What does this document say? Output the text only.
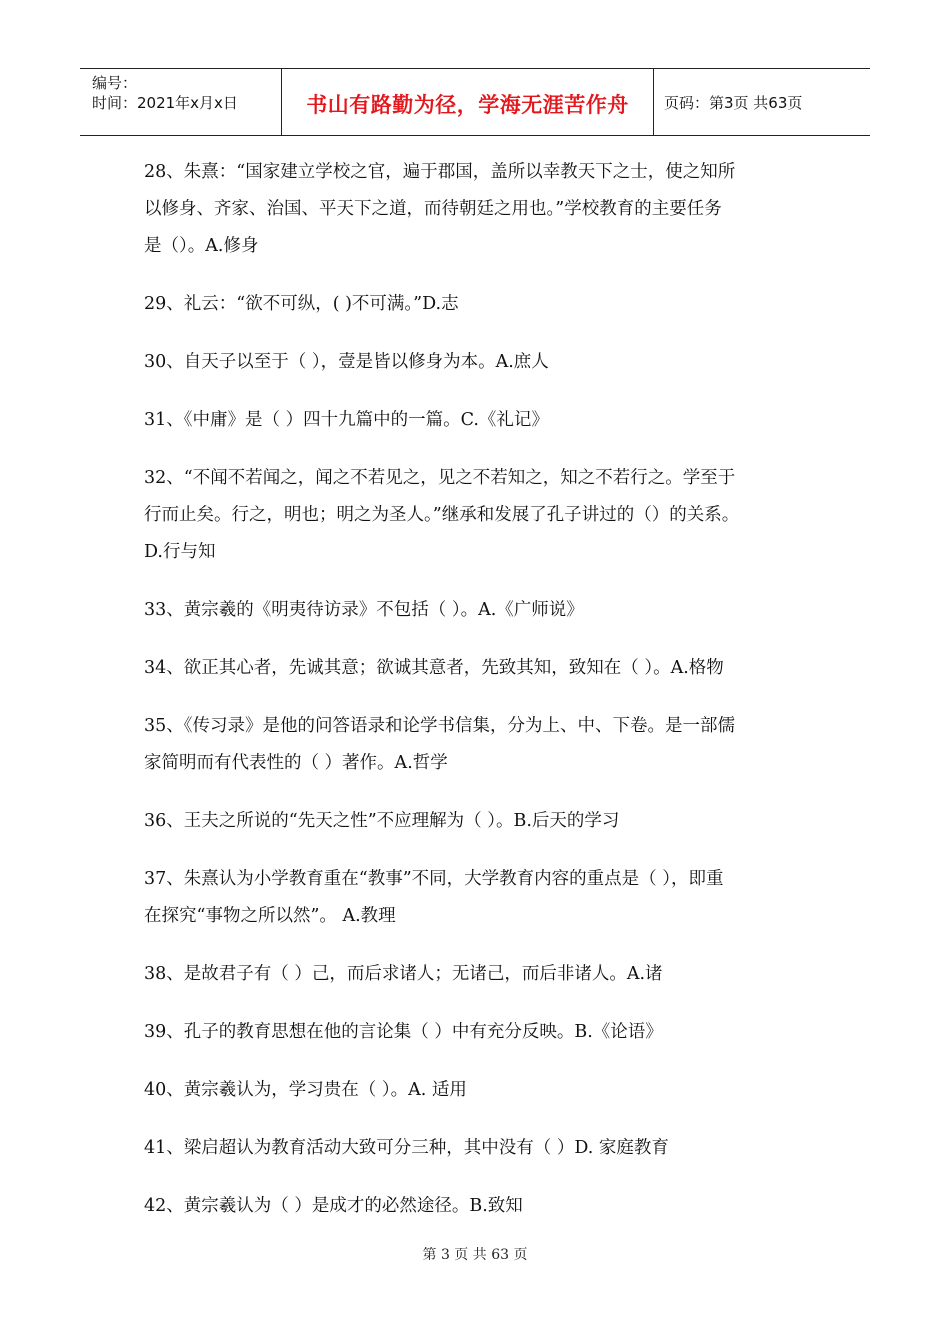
编号：
时间：2021年x月x日	书山有路勤为径，学海无涯苦作舟	页码：第3页 共63页
28、朱熹：“国家建立学校之官，遍于郡国，盖所以幸教天下之士，使之知所
以修身、齐家、治国、平天下之道，而待朝廷之用也。”学校教育的主要任务
是（）。A.修身
29、礼云：“欲不可纵，( )不可满。”D.志
30、自天子以至于（ ），壹是皆以修身为本。A.庶人
31、《中庸》是（ ）四十九篇中的一篇。C.《礼记》
32、“不闻不若闻之，闻之不若见之，见之不若知之，知之不若行之。学至于
行而止矣。行之，明也；明之为圣人。”继承和发展了孔子讲过的（）的关系。
D.行与知
33、黄宗羲的《明夷待访录》不包括（ ）。A.《广师说》
34、欲正其心者，先诚其意；欲诚其意者，先致其知，致知在（ ）。A.格物
35、《传习录》是他的问答语录和论学书信集，分为上、中、下卷。是一部儒
家简明而有代表性的（ ）著作。A.哲学
36、王夫之所说的“先天之性”不应理解为（ ）。B.后天的学习
37、朱熹认为小学教育重在“教事”不同，大学教育内容的重点是（ ），即重
在探究“事物之所以然”。 A.教理
38、是故君子有（ ）己，而后求诸人；无诸己，而后非诸人。A.诸
39、孔子的教育思想在他的言论集（ ）中有充分反映。B.《论语》
40、黄宗羲认为，学习贵在（ ）。A. 适用
41、梁启超认为教育活动大致可分三种，其中没有（ ）D. 家庭教育
42、黄宗羲认为（ ）是成才的必然途径。B.致知
第 3 页 共 63 页
